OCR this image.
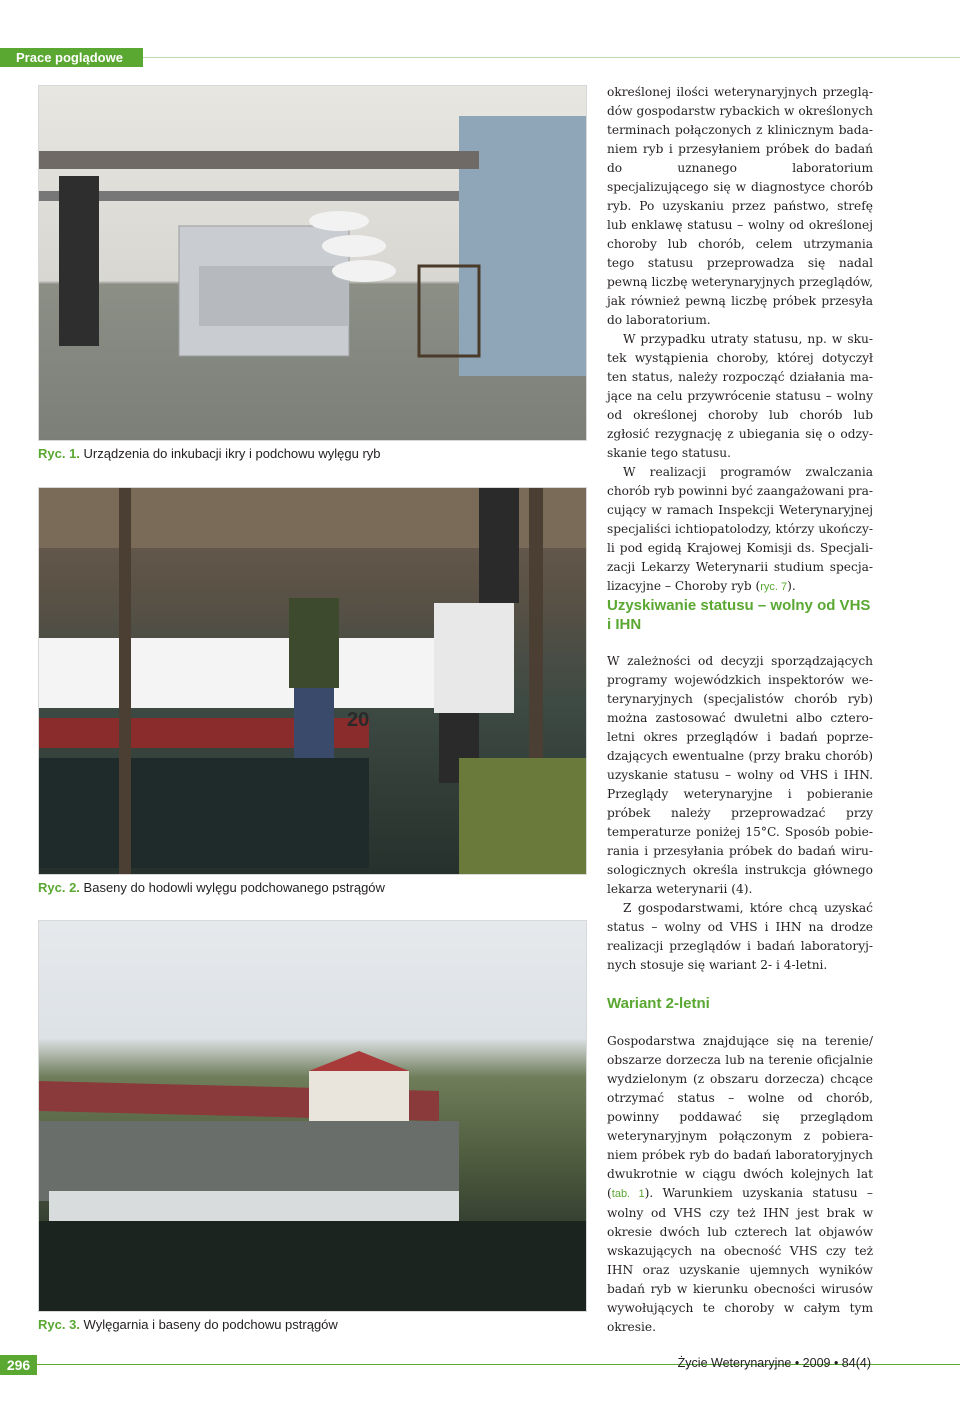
Prace poglądowe
Ryc. 1. Urządzenia do inkubacji ikry i podchowu wylęgu ryb
20
Ryc. 2. Baseny do hodowli wylęgu podchowanego pstrągów
Ryc. 3. Wylęgarnia i baseny do podchowu pstrągów

określonej ilości weterynaryjnych przeglądów gospodarstw rybackich w określonych terminach połączonych z klinicznym badaniem ryb i przesyłaniem próbek do badań do uznanego laboratorium specjalizującego się w diagnostyce chorób ryb. Po uzyskaniu przez państwo, strefę lub enklawę statusu – wolny od określonej choroby lub chorób, celem utrzymania tego statusu przeprowadza się nadal pewną liczbę weterynaryjnych przeglądów, jak również pewną liczbę próbek przesyła do laboratorium.

W przypadku utraty statusu, np. w skutek wystąpienia choroby, której dotyczył ten status, należy rozpocząć działania mające na celu przywrócenie statusu – wolny od określonej choroby lub chorób lub zgłosić rezygnację z ubiegania się o odzyskanie tego statusu.

W realizacji programów zwalczania chorób ryb powinni być zaangażowani pracujący w ramach Inspekcji Weterynaryjnej specjaliści ichtiopatolodzy, którzy ukończyli pod egidą Krajowej Komisji ds. Specjalizacji Lekarzy Weterynarii studium specjalizacyjne – Choroby ryb (ryc. 7).

Uzyskiwanie statusu – wolny od VHS i IHN

W zależności od decyzji sporządzających programy wojewódzkich inspektorów weterynaryjnych (specjalistów chorób ryb) można zastosować dwuletni albo czteroletni okres przeglądów i badań poprzedzających ewentualne (przy braku chorób) uzyskanie statusu – wolny od VHS i IHN. Przeglądy weterynaryjne i pobieranie próbek należy przeprowadzać przy temperaturze poniżej 15°C. Sposób pobierania i przesyłania próbek do badań wirusologicznych określa instrukcja głównego lekarza weterynarii (4).

Z gospodarstwami, które chcą uzyskać status – wolny od VHS i IHN na drodze realizacji przeglądów i badań laboratoryjnych stosuje się wariant 2- i 4-letni.

Wariant 2-letni

Gospodarstwa znajdujące się na terenie/ obszarze dorzecza lub na terenie oficjalnie wydzielonym (z obszaru dorzecza) chcące otrzymać status – wolne od chorób, powinny poddawać się przeglądom weterynaryjnym połączonym z pobieraniem próbek ryb do badań laboratoryjnych dwukrotnie w ciągu dwóch kolejnych lat (tab. 1). Warunkiem uzyskania statusu – wolny od VHS czy też IHN jest brak w okresie dwóch lub czterech lat objawów wskazujących na obecność VHS czy też IHN oraz uzyskanie ujemnych wyników badań ryb w kierunku obecności wirusów wywołujących te choroby w całym tym okresie.

296	Życie Weterynaryjne • 2009 • 84(4)
